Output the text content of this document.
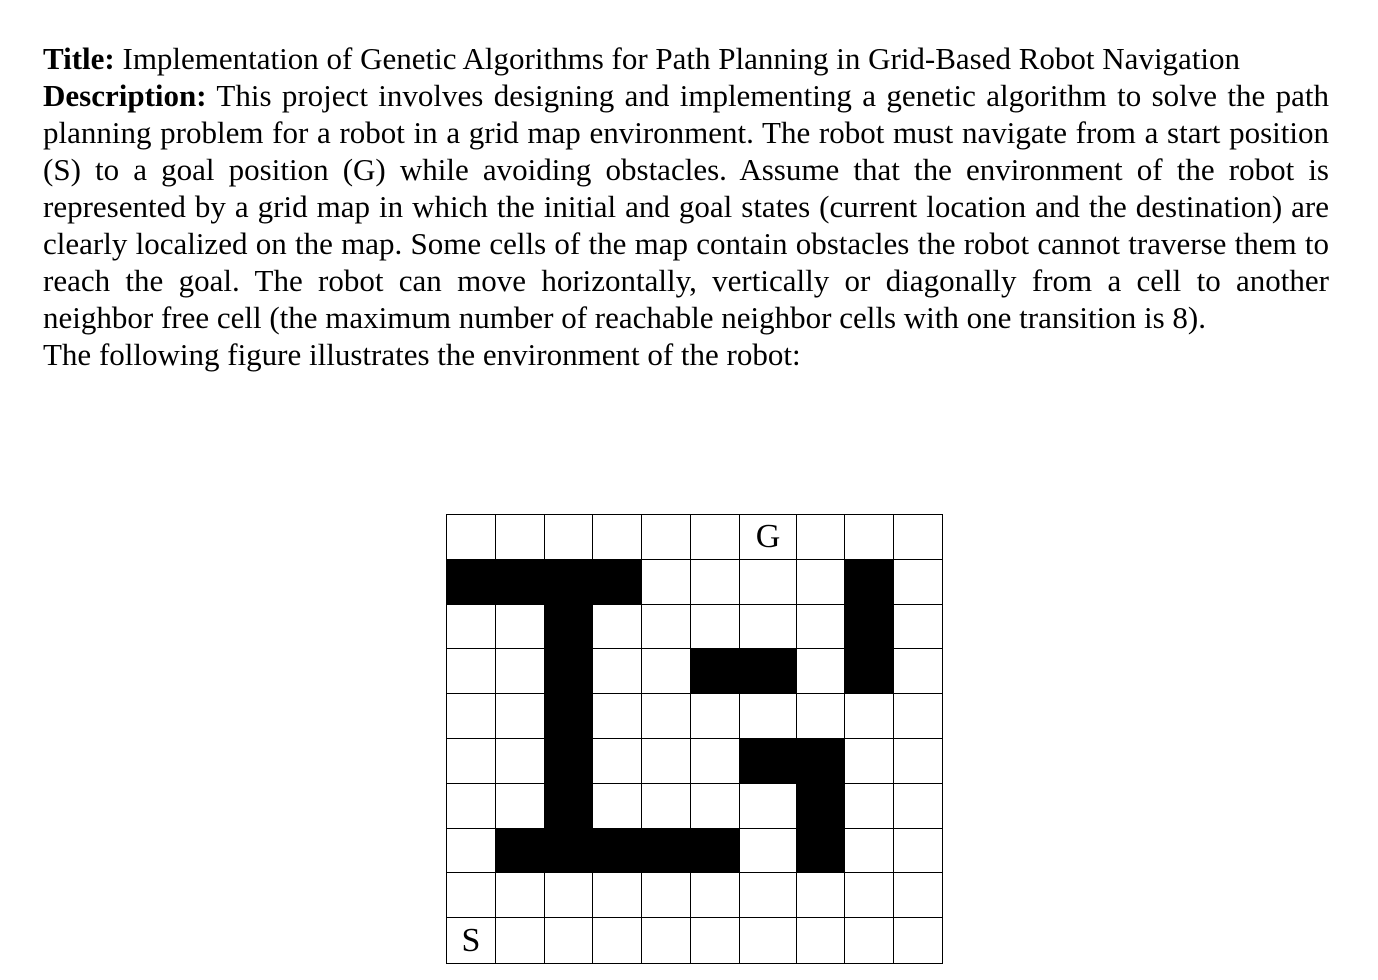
Title: Implementation of Genetic Algorithms for Path Planning in Grid-Based Robot Navigation

Description: This project involves designing and implementing a genetic algorithm to solve the path planning problem for a robot in a grid map environment. The robot must navigate from a start position (S) to a goal position (G) while avoiding obstacles. Assume that the environment of the robot is represented by a grid map in which the initial and goal states (current location and the destination) are clearly localized on the map. Some cells of the map contain obstacles the robot cannot traverse them to reach the goal. The robot can move horizontally, vertically or diagonally from a cell to another neighbor free cell (the maximum number of reachable neighbor cells with one transition is 8).

The following figure illustrates the environment of the robot:

G
S
